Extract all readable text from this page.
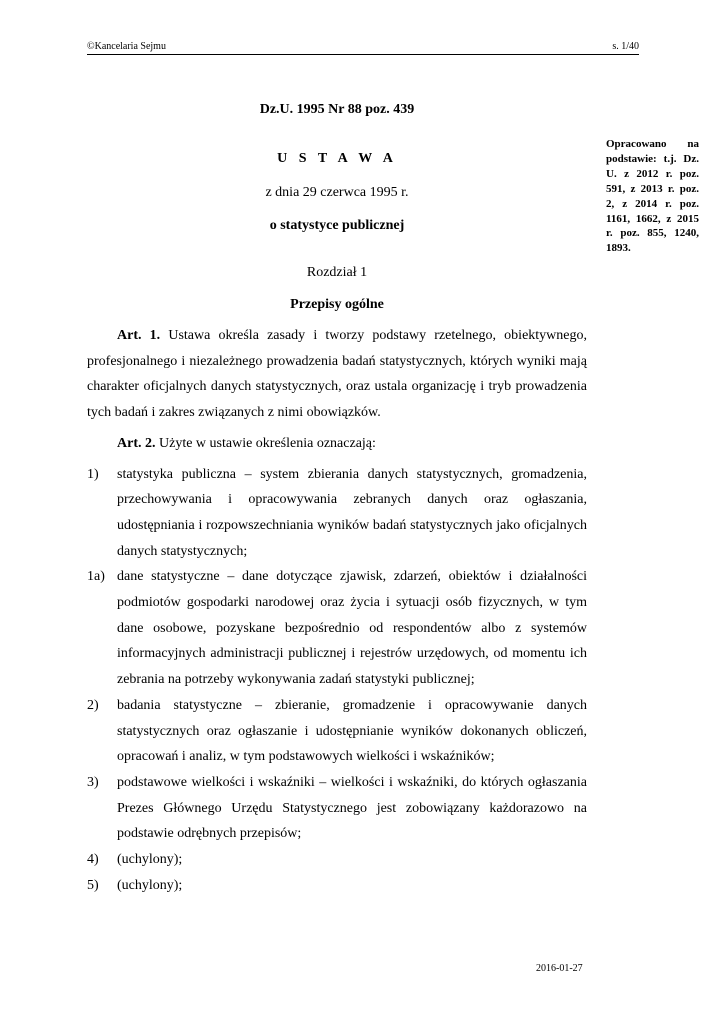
©Kancelaria Sejmu	s. 1/40
Dz.U. 1995 Nr 88 poz. 439
U S T A W A
z dnia 29 czerwca 1995 r.
o statystyce publicznej
Opracowano na podstawie: t.j. Dz. U. z 2012 r. poz. 591, z 2013 r. poz. 2, z 2014 r. poz. 1161, 1662, z 2015 r. poz. 855, 1240, 1893.
Rozdział 1
Przepisy ogólne

Art. 1. Ustawa określa zasady i tworzy podstawy rzetelnego, obiektywnego, profesjonalnego i niezależnego prowadzenia badań statystycznych, których wyniki mają charakter oficjalnych danych statystycznych, oraz ustala organizację i tryb prowadzenia tych badań i zakres związanych z nimi obowiązków.

Art. 2. Użyte w ustawie określenia oznaczają:

1)	statystyka publiczna – system zbierania danych statystycznych, gromadzenia, przechowywania i opracowywania zebranych danych oraz ogłaszania, udostępniania i rozpowszechniania wyników badań statystycznych jako oficjalnych danych statystycznych;
1a) dane statystyczne – dane dotyczące zjawisk, zdarzeń, obiektów i działalności podmiotów gospodarki narodowej oraz życia i sytuacji osób fizycznych, w tym dane osobowe, pozyskane bezpośrednio od respondentów albo z systemów informacyjnych administracji publicznej i rejestrów urzędowych, od momentu ich zebrania na potrzeby wykonywania zadań statystyki publicznej;
2)	badania statystyczne – zbieranie, gromadzenie i opracowywanie danych statystycznych oraz ogłaszanie i udostępnianie wyników dokonanych obliczeń, opracowań i analiz, w tym podstawowych wielkości i wskaźników;
3)	podstawowe wielkości i wskaźniki – wielkości i wskaźniki, do których ogłaszania Prezes Głównego Urzędu Statystycznego jest zobowiązany każdorazowo na podstawie odrębnych przepisów;
4)	(uchylony);
5)	(uchylony);
2016-01-27
